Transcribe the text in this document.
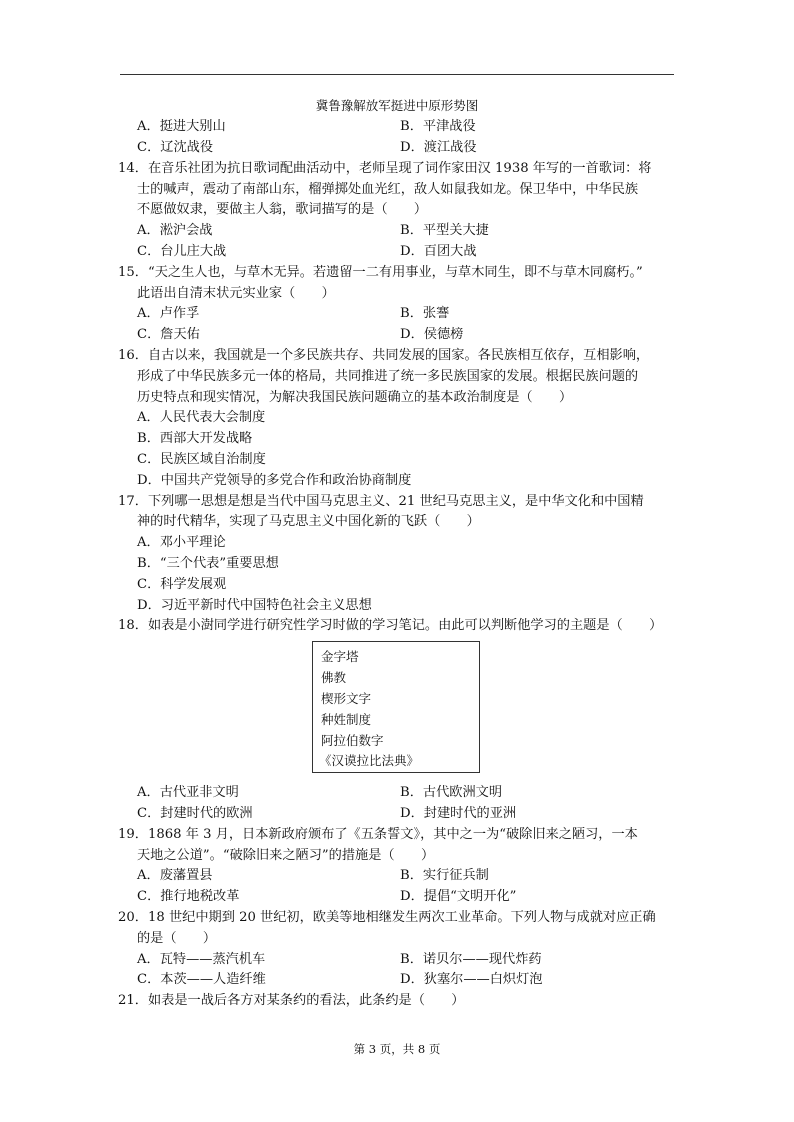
冀鲁豫解放军挺进中原形势图
A．挺进大别山	B．平津战役
C．辽沈战役	D．渡江战役
14．在音乐社团为抗日歌词配曲活动中，老师呈现了词作家田汉 1938 年写的一首歌词：将
士的喊声，震动了南部山东，榴弹掷处血光红，敌人如鼠我如龙。保卫华中，中华民族
不愿做奴隶，要做主人翁，歌词描写的是（　　）
A．淞沪会战	B．平型关大捷
C．台儿庄大战	D．百团大战
15．“天之生人也，与草木无异。若遗留一二有用事业，与草木同生，即不与草木同腐朽。”
此语出自清末状元实业家（　　）
A．卢作孚	B．张謇
C．詹天佑	D．侯德榜
16．自古以来，我国就是一个多民族共存、共同发展的国家。各民族相互依存，互相影响，
形成了中华民族多元一体的格局，共同推进了统一多民族国家的发展。根据民族问题的
历史特点和现实情况，为解决我国民族问题确立的基本政治制度是（　　）
A．人民代表大会制度
B．西部大开发战略
C．民族区域自治制度
D．中国共产党领导的多党合作和政治协商制度
17．下列哪一思想是想是当代中国马克思主义、21 世纪马克思主义，是中华文化和中国精
神的时代精华，实现了马克思主义中国化新的飞跃（　　）
A．邓小平理论
B．“三个代表”重要思想
C．科学发展观
D．习近平新时代中国特色社会主义思想
18．如表是小澍同学进行研究性学习时做的学习笔记。由此可以判断他学习的主题是（　　）
金字塔
佛教
楔形文字
种姓制度
阿拉伯数字
《汉谟拉比法典》
A．古代亚非文明	B．古代欧洲文明
C．封建时代的欧洲	D．封建时代的亚洲
19．1868 年 3 月，日本新政府颁布了《五条誓文》，其中之一为“破除旧来之陋习，一本
天地之公道”。“破除旧来之陋习”的措施是（　　）
A．废藩置县	B．实行征兵制
C．推行地税改革	D．提倡“文明开化”
20．18 世纪中期到 20 世纪初，欧美等地相继发生两次工业革命。下列人物与成就对应正确
的是（　　）
A．瓦特——蒸汽机车	B．诺贝尔——现代炸药
C．本茨——人造纤维	D．狄塞尔——白炽灯泡
21．如表是一战后各方对某条约的看法，此条约是（　　）
第 3 页，共 8 页
